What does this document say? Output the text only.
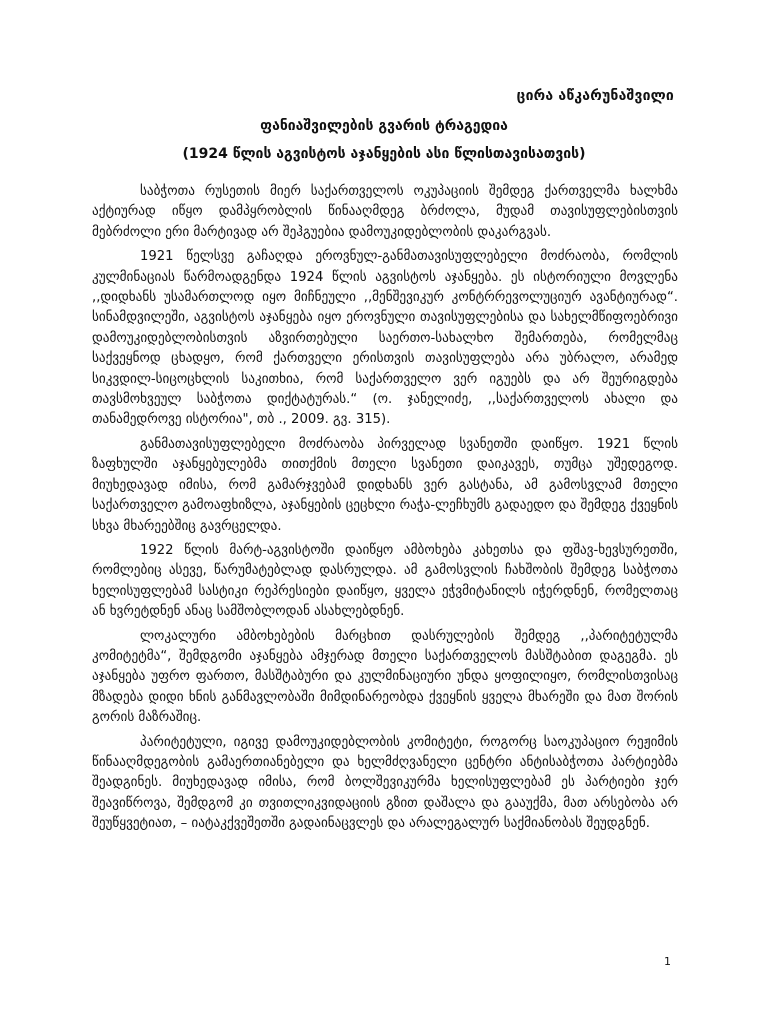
ცირა აწკარუნაშვილი
ფანიაშვილების გვარის ტრაგედია
(1924 წლის აგვისტოს აჯანყების ასი წლისთავისათვის)

საბჭოთა რუსეთის მიერ საქართველოს ოკუპაციის შემდეგ ქართველმა ხალხმა აქტიურად იწყო დამპყრობლის წინააღმდეგ ბრძოლა, მუდამ თავისუფლებისთვის მებრძოლი ერი მარტივად არ შეჰგუებია დამოუკიდებლობის დაკარგვას.

1921 წელსვე გაჩაღდა ეროვნულ-განმათავისუფლებელი მოძრაობა, რომლის კულმინაციას წარმოადგენდა 1924 წლის აგვისტოს აჯანყება. ეს ისტორიული მოვლენა ,,დიდხანს უსამართლოდ იყო მიჩნეული ,,მენშევიკურ კონტრრევოლუციურ ავანტიურად“. სინამდვილეში, აგვისტოს აჯანყება იყო ეროვნული თავისუფლებისა და სახელმწიფოებრივი დამოუკიდებლობისთვის აზვირთებული საერთო-სახალხო შემართება, რომელმაც საქვეყნოდ ცხადყო, რომ ქართველი ერისთვის თავისუფლება არა უბრალო, არამედ სიკვდილ-სიცოცხლის საკითხია, რომ საქართველო ვერ იგუებს და არ შეურიგდება თავსმოხვეულ საბჭოთა დიქტატურას.“ (ო. ჯანელიძე, ,,საქართველოს ახალი და თანამედროვე ისტორია", თბ ., 2009. გვ. 315).

განმათავისუფლებელი მოძრაობა პირველად სვანეთში დაიწყო. 1921 წლის ზაფხულში აჯანყებულებმა თითქმის მთელი სვანეთი დაიკავეს, თუმცა უშედეგოდ. მიუხედავად იმისა, რომ გამარჯვებამ დიდხანს ვერ გასტანა, ამ გამოსვლამ მთელი საქართველო გამოაფხიზლა, აჯანყების ცეცხლი რაჭა-ლეჩხუმს გადაედო და შემდეგ ქვეყნის სხვა მხარეებშიც გავრცელდა.

1922 წლის მარტ-აგვისტოში დაიწყო ამბოხება კახეთსა და ფშავ-ხევსურეთში, რომლებიც ასევე, წარუმატებლად დასრულდა. ამ გამოსვლის ჩახშობის შემდეგ საბჭოთა ხელისუფლებამ სასტიკი რეპრესიები დაიწყო, ყველა ეჭვმიტანილს იჭერდნენ, რომელთაც ან ხვრეტდნენ ანაც სამშობლოდან ასახლებდნენ.

ლოკალური ამბოხებების მარცხით დასრულების შემდეგ ,,პარიტეტულმა კომიტეტმა“, შემდგომი აჯანყება ამჯერად მთელი საქართველოს მასშტაბით დაგეგმა. ეს აჯანყება უფრო ფართო, მასშტაბური და კულმინაციური უნდა ყოფილიყო, რომლისთვისაც მზადება დიდი ხნის განმავლობაში მიმდინარეობდა ქვეყნის ყველა მხარეში და მათ შორის გორის მაზრაშიც.

პარიტეტული, იგივე დამოუკიდებლობის კომიტეტი, როგორც საოკუპაციო რეჟიმის წინააღმდეგობის გამაერთიანებელი და ხელმძღვანელი ცენტრი ანტისაბჭოთა პარტიებმა შეადგინეს. მიუხედავად იმისა, რომ ბოლშევიკურმა ხელისუფლებამ ეს პარტიები ჯერ შეავიწროვა, შემდგომ კი თვითლიკვიდაციის გზით დაშალა და გააუქმა, მათ არსებობა არ შეუწყვეტიათ, – იატაკქვეშეთში გადაინაცვლეს და არალეგალურ საქმიანობას შეუდგნენ.

1
